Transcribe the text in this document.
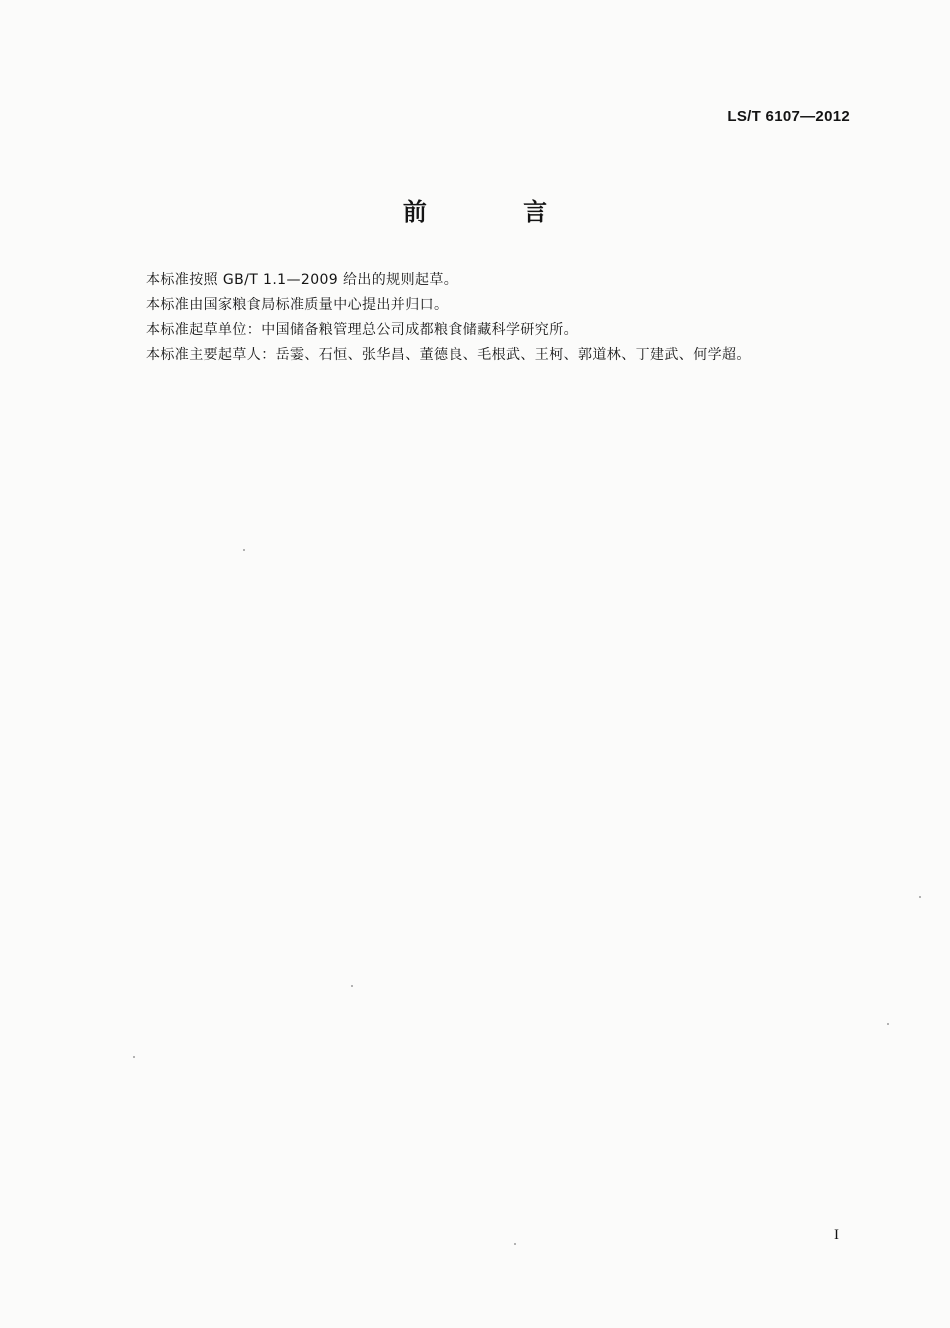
LS/T 6107—2012
前 言

本标准按照 GB/T 1.1—2009 给出的规则起草。

本标准由国家粮食局标准质量中心提出并归口。

本标准起草单位：中国储备粮管理总公司成都粮食储藏科学研究所。

本标准主要起草人：岳霎、石恒、张华昌、董德良、毛根武、王柯、郭道林、丁建武、何学超。

I
